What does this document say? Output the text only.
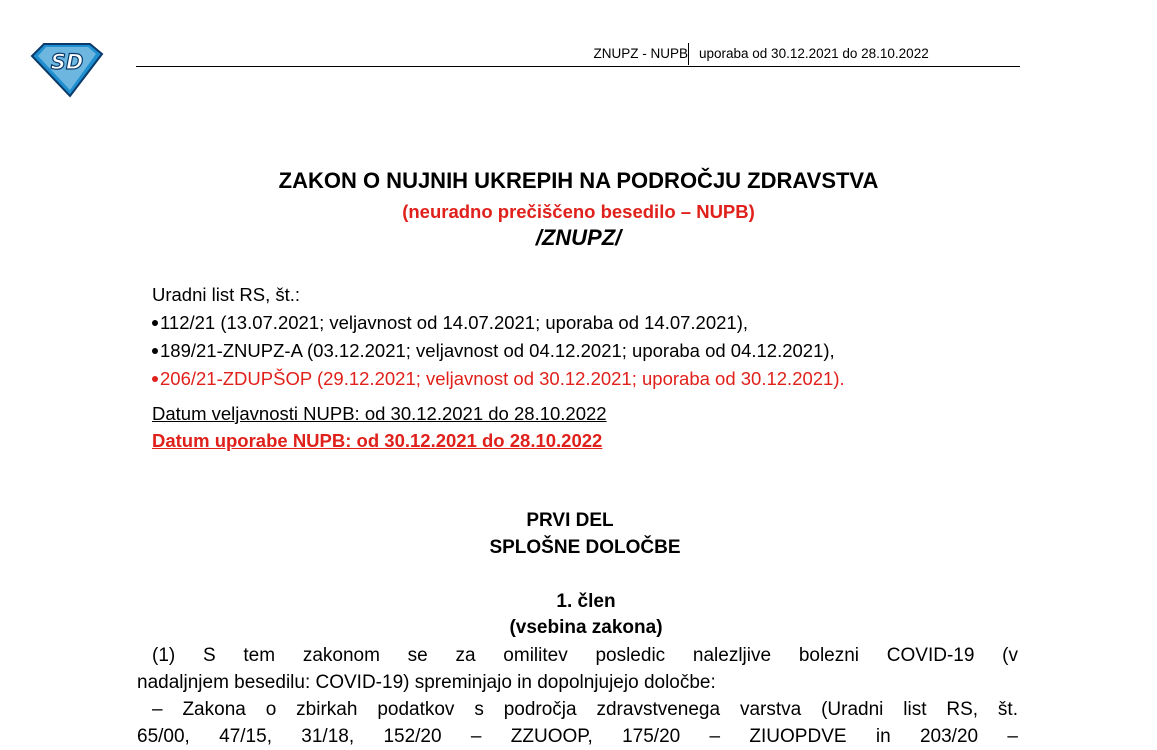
SD	ZNUPZ - NUPB uporaba od 30.12.2021 do 28.10.2022
ZAKON O NUJNIH UKREPIH NA PODROČJU ZDRAVSTVA
(neuradno prečiščeno besedilo – NUPB)
/ZNUPZ/
Uradni list RS, št.:
112/21 (13.07.2021; veljavnost od 14.07.2021; uporaba od 14.07.2021),
189/21-ZNUPZ-A (03.12.2021; veljavnost od 04.12.2021; uporaba od 04.12.2021),
206/21-ZDUPŠOP (29.12.2021; veljavnost od 30.12.2021; uporaba od 30.12.2021).
Datum veljavnosti NUPB: od 30.12.2021 do 28.10.2022
Datum uporabe NUPB: od 30.12.2021 do 28.10.2022
PRVI DEL
SPLOŠNE DOLOČBE
1. člen
(vsebina zakona)
(1) S tem zakonom se za omilitev posledic nalezljive bolezni COVID-19 (v
nadaljnjem besedilu: COVID-19) spreminjajo in dopolnjujejo določbe:
– Zakona o zbirkah podatkov s področja zdravstvenega varstva (Uradni list RS, št.
65/00, 47/15, 31/18, 152/20 – ZZUOOP, 175/20 – ZIUOPDVE in 203/20 –
